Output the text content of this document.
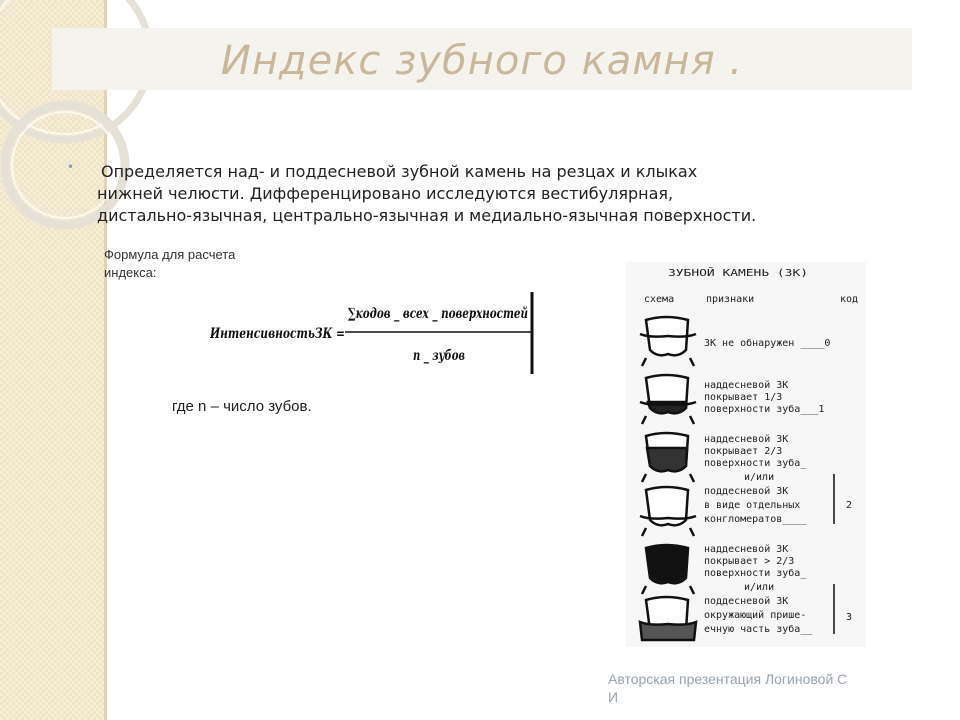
Индекс зубного камня .
• Определяется над- и поддесневой зубной камень на резцах и клыках
нижней челюсти. Дифференцировано исследуются вестибулярная,
дистально-язычная, центрально-язычная и медиально-язычная поверхности.

Формула для расчета
индекса:
ИнтенсивностьЗК =
∑кодов _ всех _ поверхностей
n _ зубов
где n – число зубов.
ЗУБНОЙ КАМЕНЬ (ЗК)
схема	признаки	код
ЗК не обнаружен ____0
наддесневой ЗК
покрывает 1/3
поверхности зуба___1
наддесневой ЗК
покрывает 2/3
поверхности зуба_
и/или
поддесневой ЗК
в виде отдельных
конгломератов____
2
наддесневой ЗК
покрывает > 2/3
поверхности зуба_
и/или
поддесневой ЗК
окружающий прише-
ечную часть зуба__
3
Авторская презентация Логиновой С
И
